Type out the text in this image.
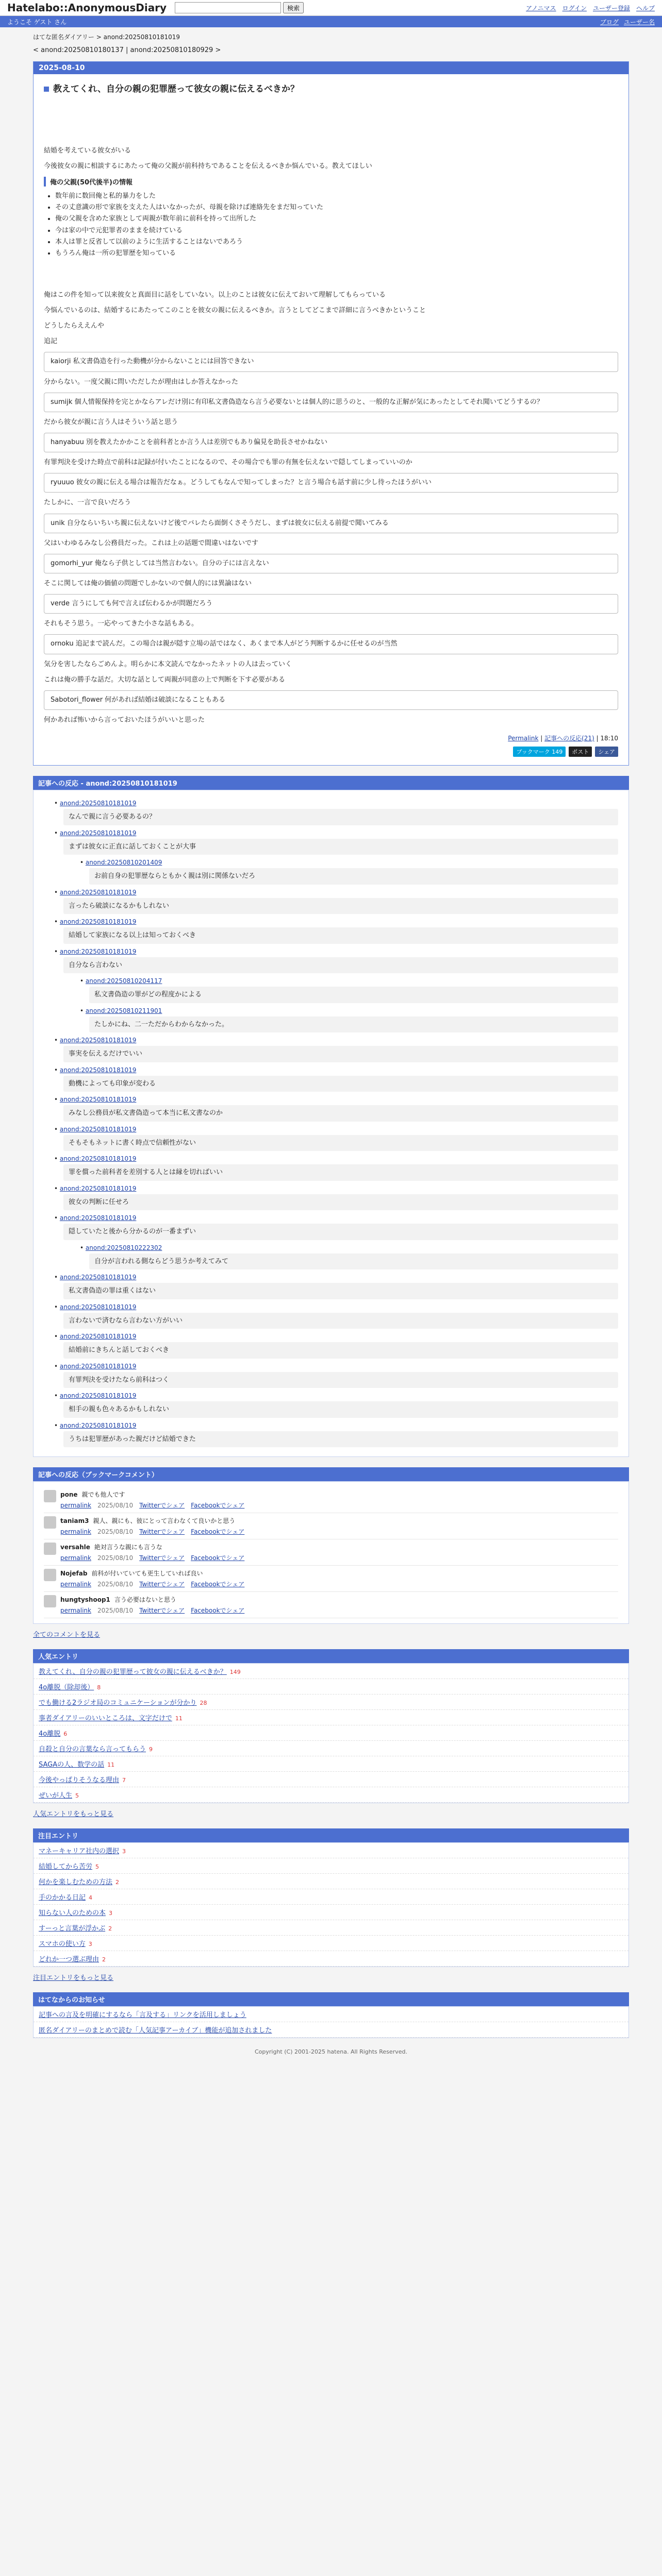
Hatelabo::AnonymousDiary	検索	アノニマス ログイン ユーザー登録 ヘルプ
ようこそ ゲスト さん	ブログ ユーザー名
はてな匿名ダイアリー > anond:20250810181019
< anond:20250810180137 | anond:20250810180929 >
2025-08-10
教えてくれ、自分の親の犯罪歴って彼女の親に伝えるべきか？

結婚を考えている彼女がいる

今後彼女の親に相談するにあたって俺の父親が前科持ちであることを伝えるべきか悩んでいる。教えてほしい

俺の父親(50代後半)の情報
• 数年前に数回俺と私的暴力をした
• その丈意識の形で家族を支えた人はいなかったが、母親を除けば連絡先をまだ知っていた
• 俺の父親を含めた家族として両親が数年前に前科を持って出所した
• 今は家の中で元犯罪者のままを続けている
• 本人は罪と反省して以前のように生活することはないであろう
• もうろん俺は一所の犯罪歴を知っている

俺はこの件を知って以来彼女と真面目に話をしていない。以上のことは彼女に伝えておいて理解してもらっている

今悩んでいるのは、結婚するにあたってこのことを彼女の親に伝えるべきか。言うとしてどこまで詳細に言うべきかということ

どうしたらええんや

追記

kaiorji 私文書偽造を行った動機が分からないことには回答できない

分からない。一度父親に問いただしたが理由はしか答えなかった

sumijk 個人情報保持を完とかならアレだけ別に有印私文書偽造なら言う必要ないとは個人的に思うのと、一般的な正解が気にあったとしてそれ聞いてどうするの？

だから彼女が親に言う人はそういう話と思う

hanyabuu 別を教えたかかことを前科者とか言う人は差別でもあり偏見を助長させかねない

有罪判決を受けた時点で前科は記録が付いたことになるので、その場合でも罪の有無を伝えないで隠してしまっていいのか

ryuuuo 彼女の親に伝える場合は報告だなぁ。どうしてもなんで知ってしまった？と言う場合も話す前に少し待ったほうがいい

たしかに、一言で良いだろう

unik 自分ならいちいち親に伝えないけど後でバレたら面倒くさそうだし、まずは彼女に伝える前提で聞いてみる

父はいわゆるみなし公務員だった。これは上の話題で間違いはないです

gomorhi_yur 俺なら子供としては当然言わない。自分の子には言えない

そこに関しては俺の価値の問題でしかないので個人的には異論はない

verde 言うにしても何で言えば伝わるかが問題だろう

それもそう思う。一応やってきた小さな話もある。

ornoku 追記まで読んだ。この場合は親が隠す立場の話ではなく、あくまで本人がどう判断するかに任せるのが当然

気分を害したならごめんよ。明らかに本文読んでなかったネットの人は去っていく

これは俺の勝手な話だ。大切な話として両親が同意の上で判断を下す必要がある

Sabotori_flower 何があれば結婚は破談になることもある

何かあれば怖いから言っておいたほうがいいと思った

Permalink | 記事への反応(21) | 18:10
ブックマーク 149	ポスト	シェア
記事への反応 - anond:20250810181019
• anond:20250810181019
なんで親に言う必要あるの？
• anond:20250810181019
まずは彼女に正直に話しておくことが大事
• anond:20250810201409
お前自身の犯罪歴ならともかく親は別に関係ないだろ
• anond:20250810181019
言ったら破談になるかもしれない
• anond:20250810181019
結婚して家族になる以上は知っておくべき
• anond:20250810181019
自分なら言わない
• anond:20250810204117
私文書偽造の罪がどの程度かによる
• anond:20250810211901
たしかにね、二一ただからわからなかった。
• anond:20250810181019
事実を伝えるだけでいい
• anond:20250810181019
動機によっても印象が変わる
• anond:20250810181019
みなし公務員が私文書偽造って本当に私文書なのか
• anond:20250810181019
そもそもネットに書く時点で信頼性がない
• anond:20250810181019
罪を償った前科者を差別する人とは縁を切ればいい
• anond:20250810181019
彼女の判断に任せろ
• anond:20250810181019
隠していたと後から分かるのが一番まずい
• anond:20250810222302
自分が言われる側ならどう思うか考えてみて
• anond:20250810181019
私文書偽造の罪は重くはない
• anond:20250810181019
言わないで済むなら言わない方がいい
• anond:20250810181019
結婚前にきちんと話しておくべき
• anond:20250810181019
有罪判決を受けたなら前科はつく
• anond:20250810181019
相手の親も色々あるかもしれない
• anond:20250810181019
うちは犯罪歴があった親だけど結婚できた
記事への反応（ブックマークコメント）
pone 親でも他人です
permalink 2025/08/10 Twitterでシェア Facebookでシェア
taniam3 親人、親にも、彼にとって言わなくて良いかと思う
permalink 2025/08/10 Twitterでシェア Facebookでシェア
versahle 絶対言うな親にも言うな
permalink 2025/08/10 Twitterでシェア Facebookでシェア
Nojefab 前科が付いていても更生していれば良い
permalink 2025/08/10 Twitterでシェア Facebookでシェア
hungtyshoop1 言う必要はないと思う
permalink 2025/08/10 Twitterでシェア Facebookでシェア
全てのコメントを見る
人気エントリ
教えてくれ、自分の親の犯罪歴って彼女の親に伝えるべきか？ 149
4o離脱（除却後） 8
でも働ける2ラジオ局のコミュニケーションが分かり 28
事者ダイアリーのいいところは、文字だけで 11
4o離脱 6
自殺と自分の言葉なら言ってもらう 9
SAGAの人、数学の話 11
今後やっぱりそうなる理由 7
ぜいが人生 5
人気エントリをもっと見る
注目エントリ
マネーキャリア社内の選択 3
結婚してから苦労 5
何かを楽しむための方法 2
手のかかる日記 4
知らない人のための本 3
すーっと言葉が浮かぶ 2
スマホの使い方 3
どれか一つ選ぶ理由 2
注目エントリをもっと見る
はてなからのお知らせ
記事への言及を明確にするなら「言及する」リンクを活用しましょう
匿名ダイアリーのまとめで読む「人気記事アーカイブ」機能が追加されました
Copyright (C) 2001-2025 hatena. All Rights Reserved.
